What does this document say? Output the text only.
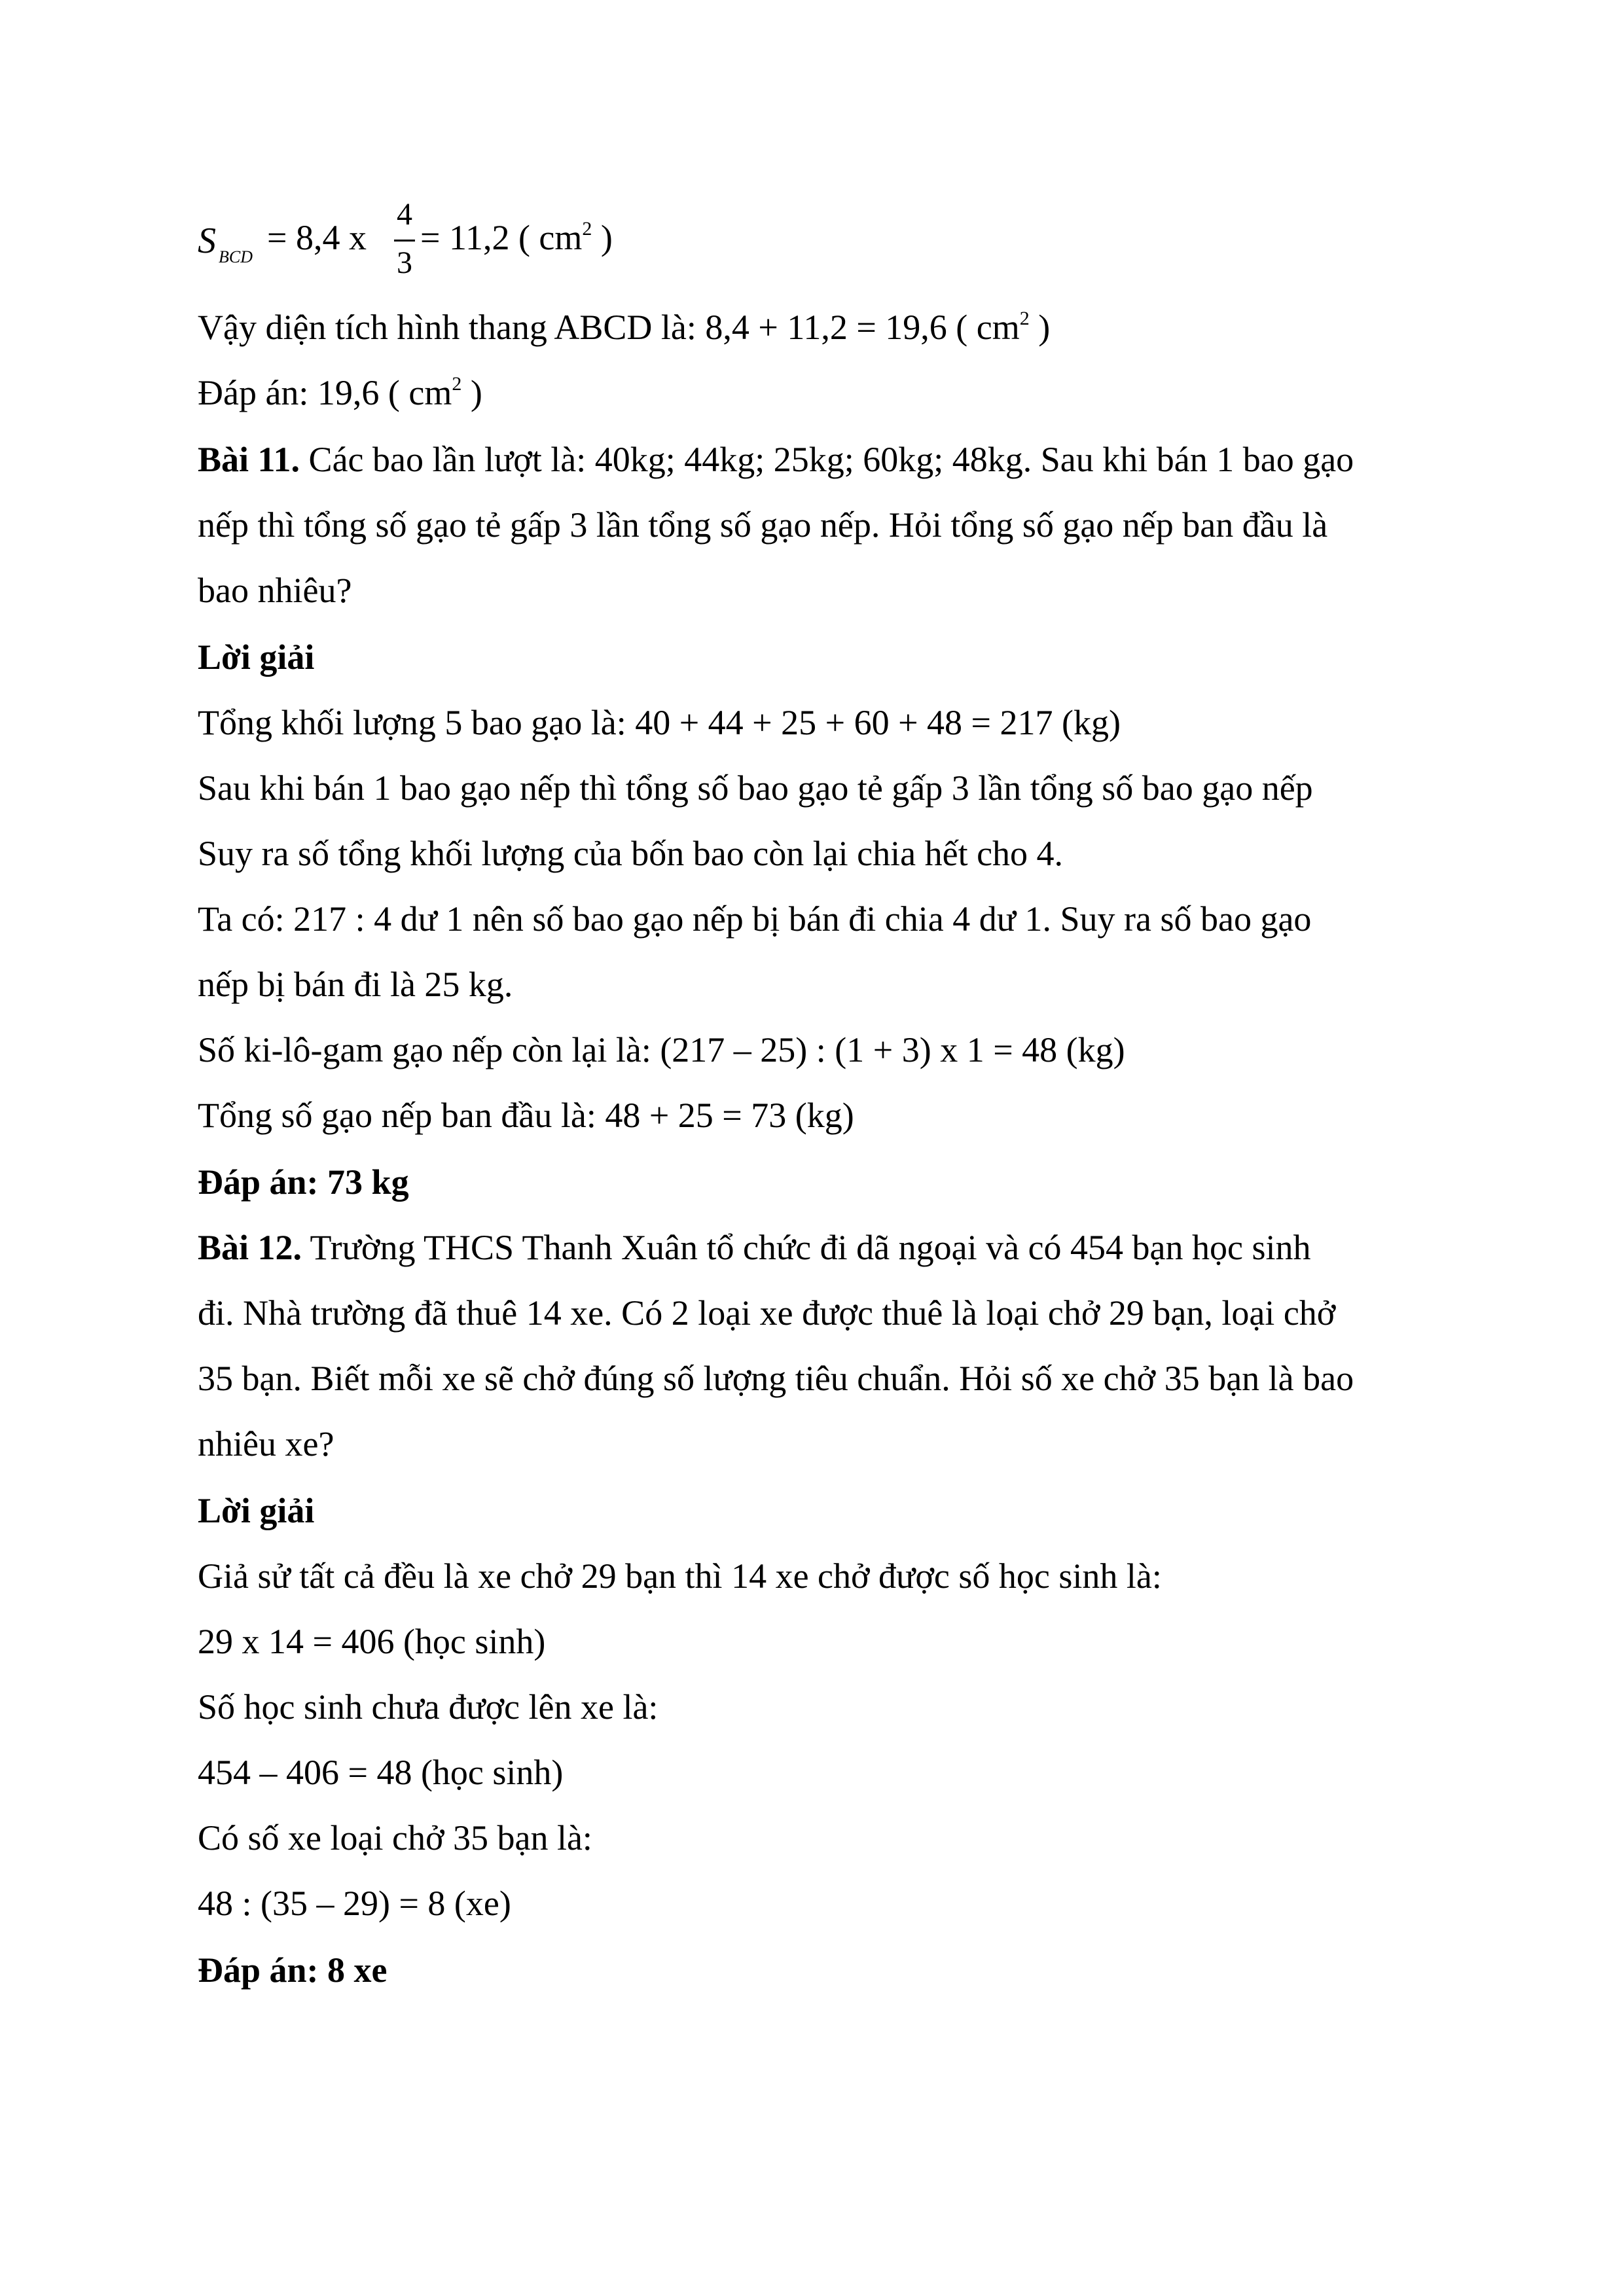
S BCD = 8,4 x
4
3
= 11,2 ( $cm^2$ )
Vậy diện tích hình thang ABCD là: 8,4 + 11,2 = 19,6 ( $cm^2$ )
Đáp án: 19,6 ( $cm^2$ )
Bài 11. Các bao lần lượt là: 40kg; 44kg; 25kg; 60kg; 48kg. Sau khi bán 1 bao gạo
nếp thì tổng số gạo tẻ gấp 3 lần tổng số gạo nếp. Hỏi tổng số gạo nếp ban đầu là
bao nhiêu?
Lời giải
Tổng khối lượng 5 bao gạo là: 40 + 44 + 25 + 60 + 48 = 217 (kg)
Sau khi bán 1 bao gạo nếp thì tổng số bao gạo tẻ gấp 3 lần tổng số bao gạo nếp
Suy ra số tổng khối lượng của bốn bao còn lại chia hết cho 4.
Ta có: 217 : 4 dư 1 nên số bao gạo nếp bị bán đi chia 4 dư 1. Suy ra số bao gạo
nếp bị bán đi là 25 kg.
Số ki-lô-gam gạo nếp còn lại là: (217 – 25) : (1 + 3) x 1 = 48 (kg)
Tổng số gạo nếp ban đầu là: 48 + 25 = 73 (kg)
Đáp án: 73 kg
Bài 12. Trường THCS Thanh Xuân tổ chức đi dã ngoại và có 454 bạn học sinh
đi. Nhà trường đã thuê 14 xe. Có 2 loại xe được thuê là loại chở 29 bạn, loại chở
35 bạn. Biết mỗi xe sẽ chở đúng số lượng tiêu chuẩn. Hỏi số xe chở 35 bạn là bao
nhiêu xe?
Lời giải
Giả sử tất cả đều là xe chở 29 bạn thì 14 xe chở được số học sinh là:
29 x 14 = 406 (học sinh)
Số học sinh chưa được lên xe là:
454 – 406 = 48 (học sinh)
Có số xe loại chở 35 bạn là:
48 : (35 – 29) = 8 (xe)
Đáp án: 8 xe
